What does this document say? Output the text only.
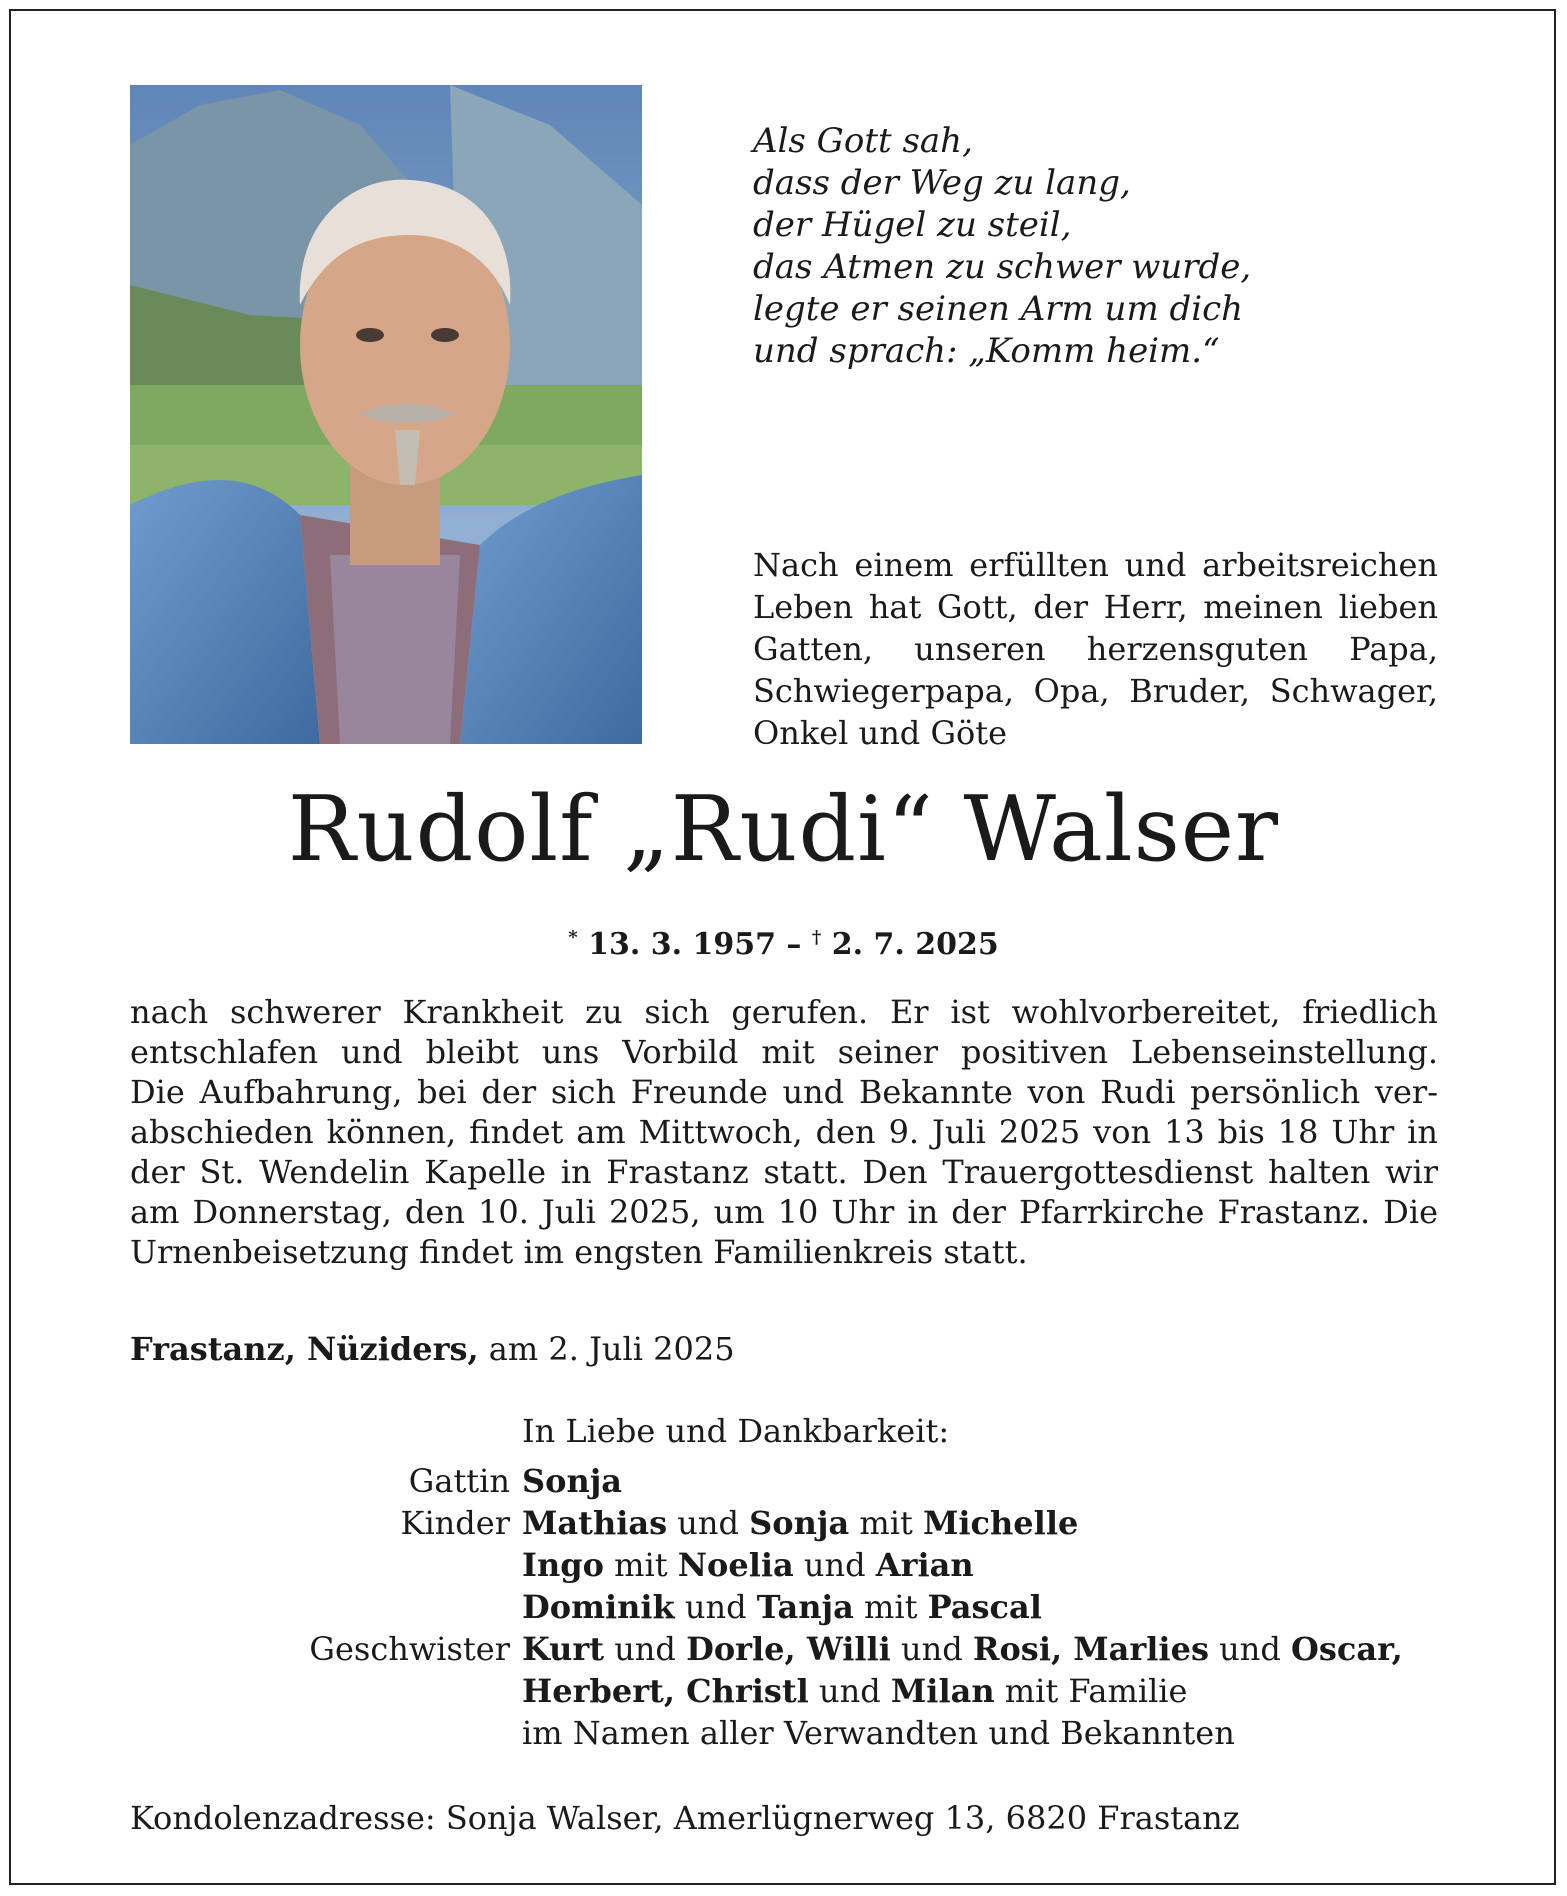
Als Gott sah,
dass der Weg zu lang,
der Hügel zu steil,
das Atmen zu schwer wurde,
legte er seinen Arm um dich
und sprach: „Komm heim.“
Nach einem erfüllten und arbeitsreichen
Leben hat Gott, der Herr, meinen lieben
Gatten, unseren herzensguten Papa,
Schwiegerpapa, Opa, Bruder, Schwager,
Onkel und Göte
Rudolf „Rudi“ Walser
* 13. 3. 1957 – † 2. 7. 2025
nach schwerer Krankheit zu sich gerufen. Er ist wohlvorbereitet, friedlich
entschlafen und bleibt uns Vorbild mit seiner positiven Lebenseinstellung.
Die Aufbahrung, bei der sich Freunde und Bekannte von Rudi persönlich ver-
abschieden können, findet am Mittwoch, den 9. Juli 2025 von 13 bis 18 Uhr in
der St. Wendelin Kapelle in Frastanz statt. Den Trauergottesdienst halten wir
am Donnerstag, den 10. Juli 2025, um 10 Uhr in der Pfarrkirche Frastanz. Die
Urnenbeisetzung findet im engsten Familienkreis statt.
Frastanz, Nüziders, am 2. Juli 2025
In Liebe und Dankbarkeit:
Gattin Sonja
Kinder Mathias und Sonja mit Michelle
Ingo mit Noelia und Arian
Dominik und Tanja mit Pascal
Geschwister Kurt und Dorle, Willi und Rosi, Marlies und Oscar,
Herbert, Christl und Milan mit Familie
im Namen aller Verwandten und Bekannten
Kondolenzadresse: Sonja Walser, Amerlügnerweg 13, 6820 Frastanz
